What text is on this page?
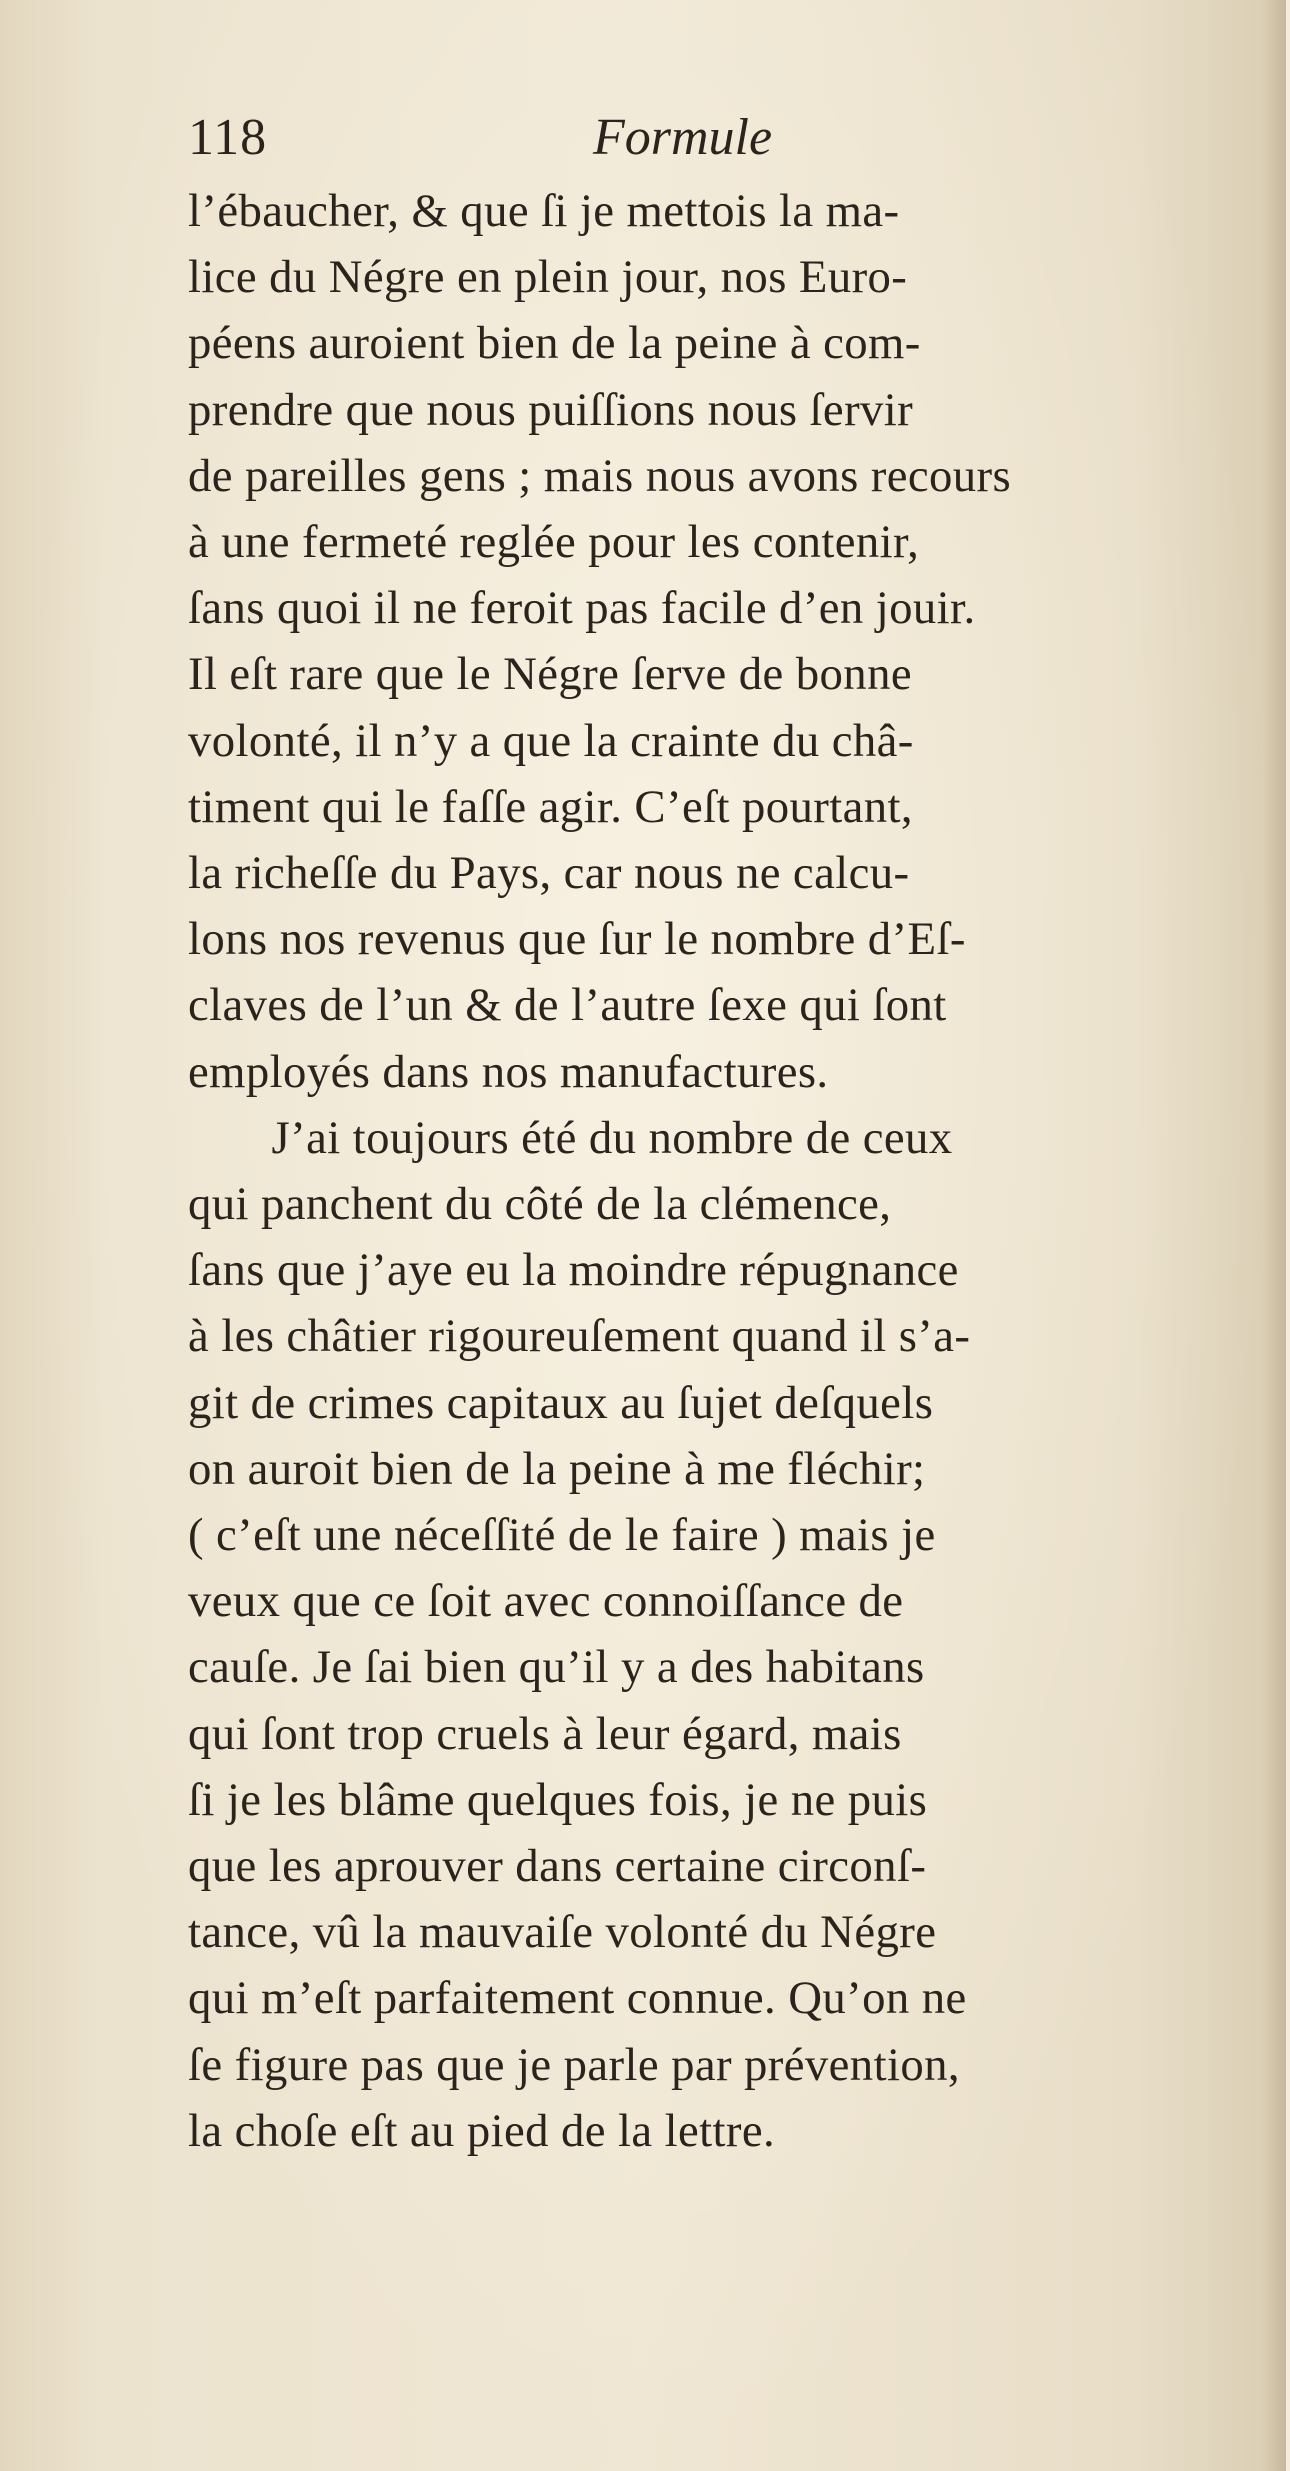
118	Formule
l’ébaucher, & que ſi je mettois la ma-
lice du Négre en plein jour, nos Euro-
péens auroient bien de la peine à com-
prendre que nous puiſſions nous ſervir
de pareilles gens ; mais nous avons recours
à une fermeté reglée pour les contenir,
ſans quoi il ne feroit pas facile d’en jouir.
Il eſt rare que le Négre ſerve de bonne
volonté, il n’y a que la crainte du châ-
timent qui le faſſe agir. C’eſt pourtant,
la richeſſe du Pays, car nous ne calcu-
lons nos revenus que ſur le nombre d’Eſ-
claves de l’un & de l’autre ſexe qui ſont
employés dans nos manufactures.
J’ai toujours été du nombre de ceux
qui panchent du côté de la clémence,
ſans que j’aye eu la moindre répugnance
à les châtier rigoureuſement quand il s’a-
git de crimes capitaux au ſujet deſquels
on auroit bien de la peine à me fléchir;
( c’eſt une néceſſité de le faire ) mais je
veux que ce ſoit avec connoiſſance de
cauſe. Je ſai bien qu’il y a des habitans
qui ſont trop cruels à leur égard, mais
ſi je les blâme quelques fois, je ne puis
que les aprouver dans certaine circonſ-
tance, vû la mauvaiſe volonté du Négre
qui m’eſt parfaitement connue. Qu’on ne
ſe figure pas que je parle par prévention,
la choſe eſt au pied de la lettre.
